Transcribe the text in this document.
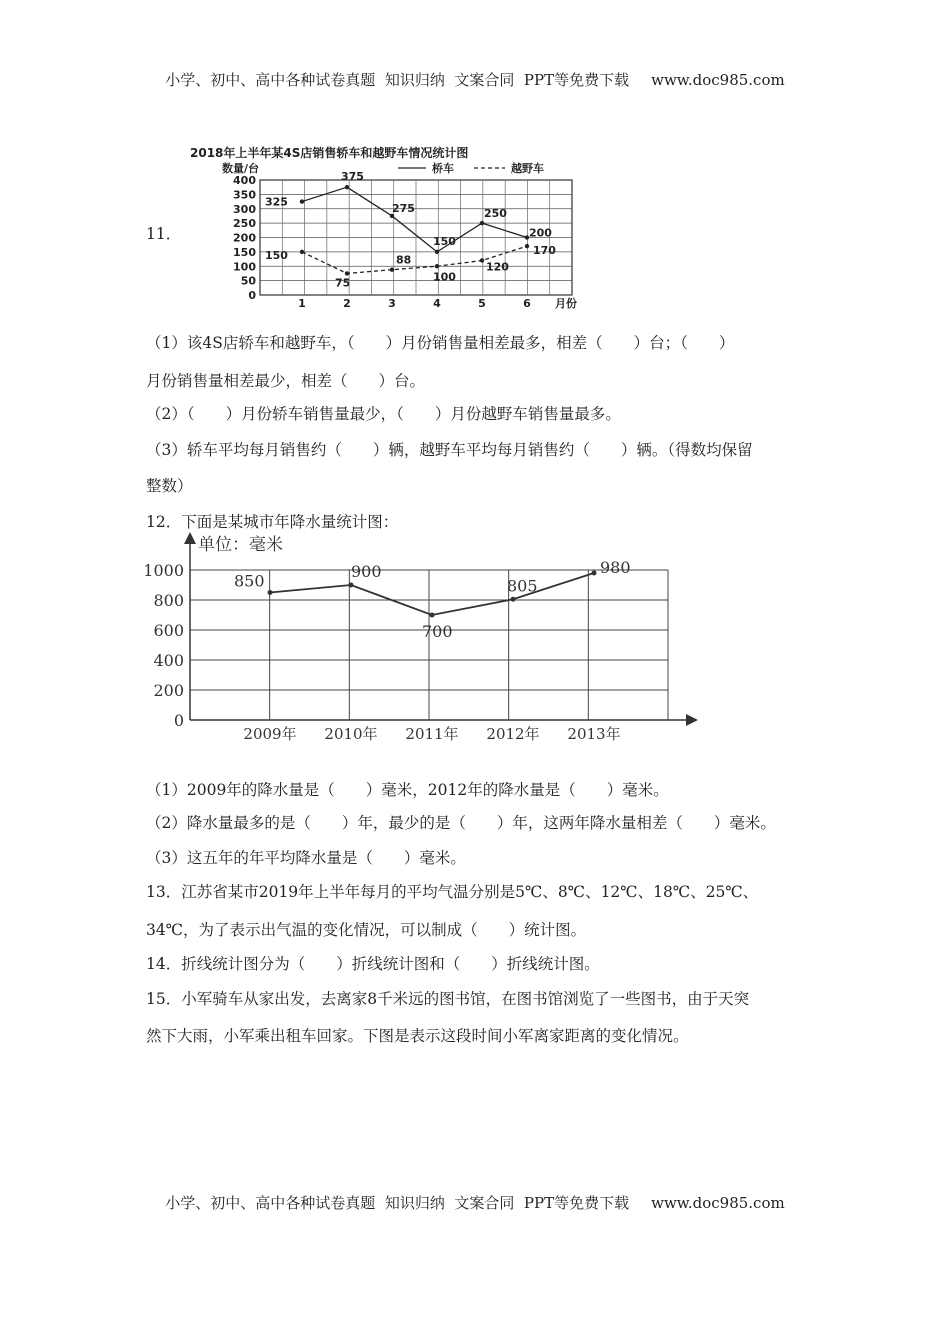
小学、初中、高中各种试卷真题  知识归纳  文案合同  PPT等免费下载 www.doc985.com
11．
2018年上半年某4S店销售轿车和越野车情况统计图
桥车	越野车
数量/台
0
50
100
150
200
250
300
350
400
1	2	3	4	5	6 月份
325
375
275
150
250
200
150
75
88
100
120
170
（1）该4S店轿车和越野车，（　　）月份销售量相差最多，相差（　　）台；（　　）
月份销售量相差最少，相差（　　）台。
（2）（　　）月份轿车销售量最少，（　　）月份越野车销售量最多。
（3）轿车平均每月销售约（　　）辆，越野车平均每月销售约（　　）辆。（得数均保留
整数）
12．下面是某城市年降水量统计图：
单位：毫米
0
200
400
600
800
1000
2009年 2010年 2011年 2012年 2013年
850	900
700
805
980
（1）2009年的降水量是（　　）毫米，2012年的降水量是（　　）毫米。
（2）降水量最多的是（　　）年，最少的是（　　）年，这两年降水量相差（　　）毫米。
（3）这五年的年平均降水量是（　　）毫米。
13．江苏省某市2019年上半年每月的平均气温分别是5℃、8℃、12℃、18℃、25℃、
34℃，为了表示出气温的变化情况，可以制成（　　）统计图。
14．折线统计图分为（　　）折线统计图和（　　）折线统计图。
15．小军骑车从家出发，去离家8千米远的图书馆，在图书馆浏览了一些图书，由于天突
然下大雨，小军乘出租车回家。下图是表示这段时间小军离家距离的变化情况。
小学、初中、高中各种试卷真题  知识归纳  文案合同  PPT等免费下载 www.doc985.com
